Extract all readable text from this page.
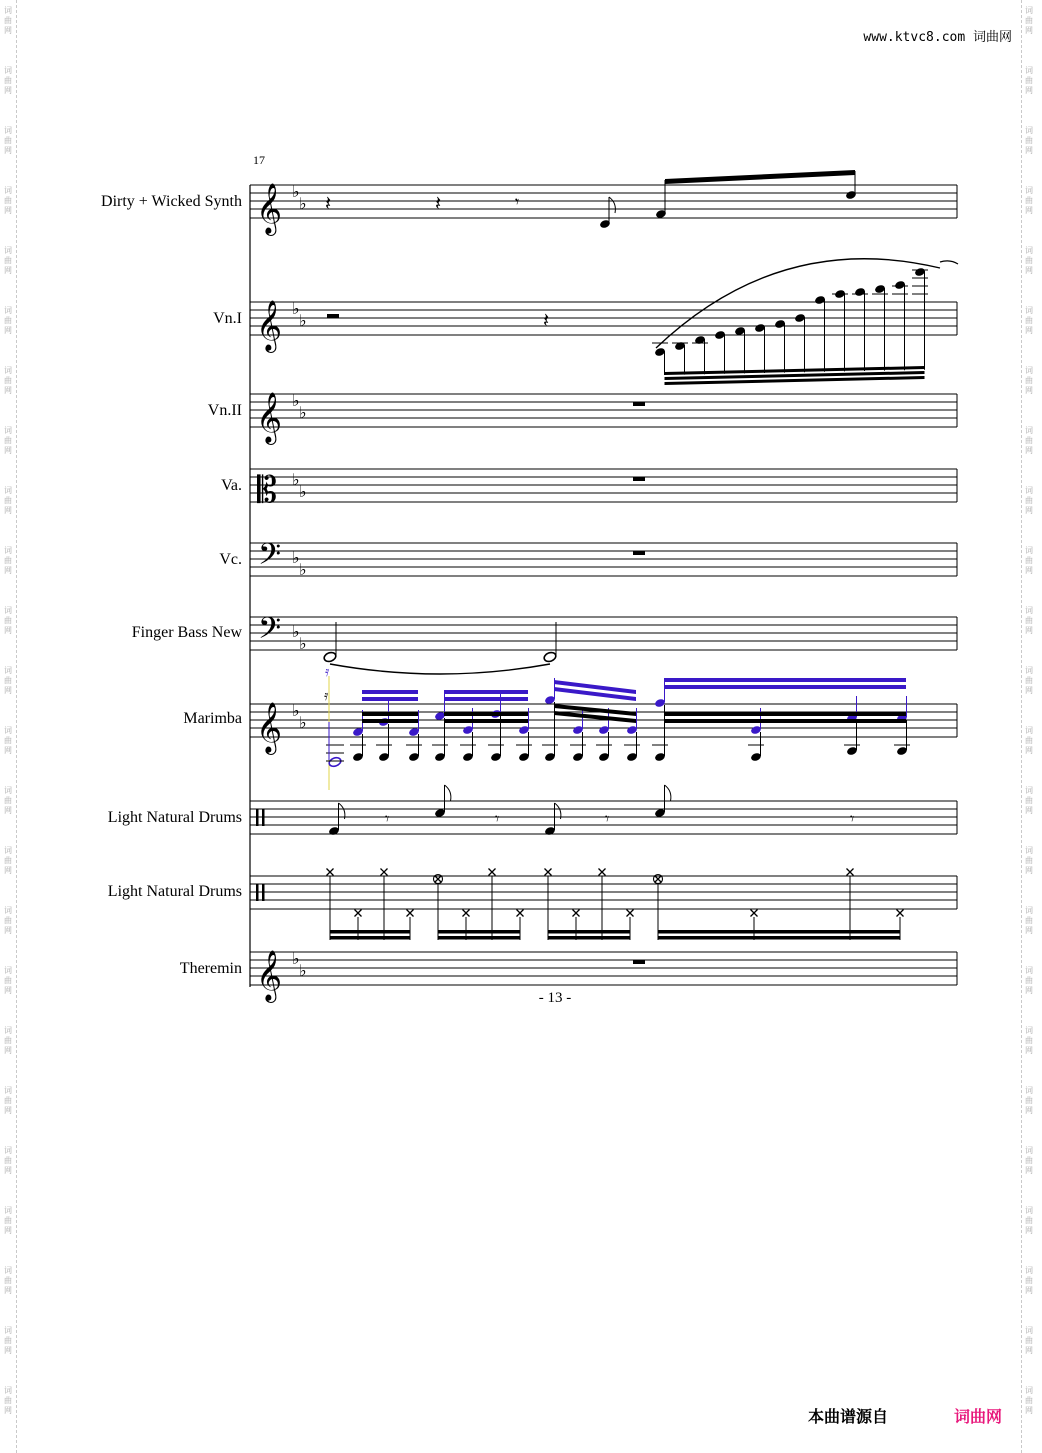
词
曲
网
词
曲
网
词
曲
网
词
曲
网
词
曲
网
词
曲
网
词
曲
网
词
曲
网
词
曲
网
词
曲
网
词
曲
网
词
曲
网
词
曲
网
词
曲
网
词
曲
网
词
曲
网
词
曲
网
词
曲
网
词
曲
网
词
曲
网
词
曲
网
词
曲
网
词
曲
网
词
曲
网
词
曲
网
词
曲
网
词
曲
网
词
曲
网
词
曲
网
词
曲
网
词
曲
网
词
曲
网
词
曲
网
词
曲
网
词
曲
网
词
曲
网
词
曲
网
词
曲
网
词
曲
网
词
曲
网
词
曲
网
词
曲
网
词
曲
网
词
曲
网
词
曲
网
词
曲
网
词
曲
网
词
曲
网
www.ktvc8.com 词曲网
17
Dirty + Wicked Synth
Vn.I
Vn.II
Va.
Vc.
Finger Bass New
Marimba
Light Natural Drums
Light Natural Drums
Theremin
𝄞 ♭
♭ 𝄽	𝄽	𝄾
𝄞 ♭
♭	𝄽
𝄞 ♭
♭
𝄡 ♭
♭
𝄢 ♭
♭
𝄢 ♭
♭
𝄞 ♭
♭
𝄿
𝄿
𝄾	𝄾	𝄾	𝄾
𝄞 ♭
♭
- 13 -
本曲谱源自	词曲网
